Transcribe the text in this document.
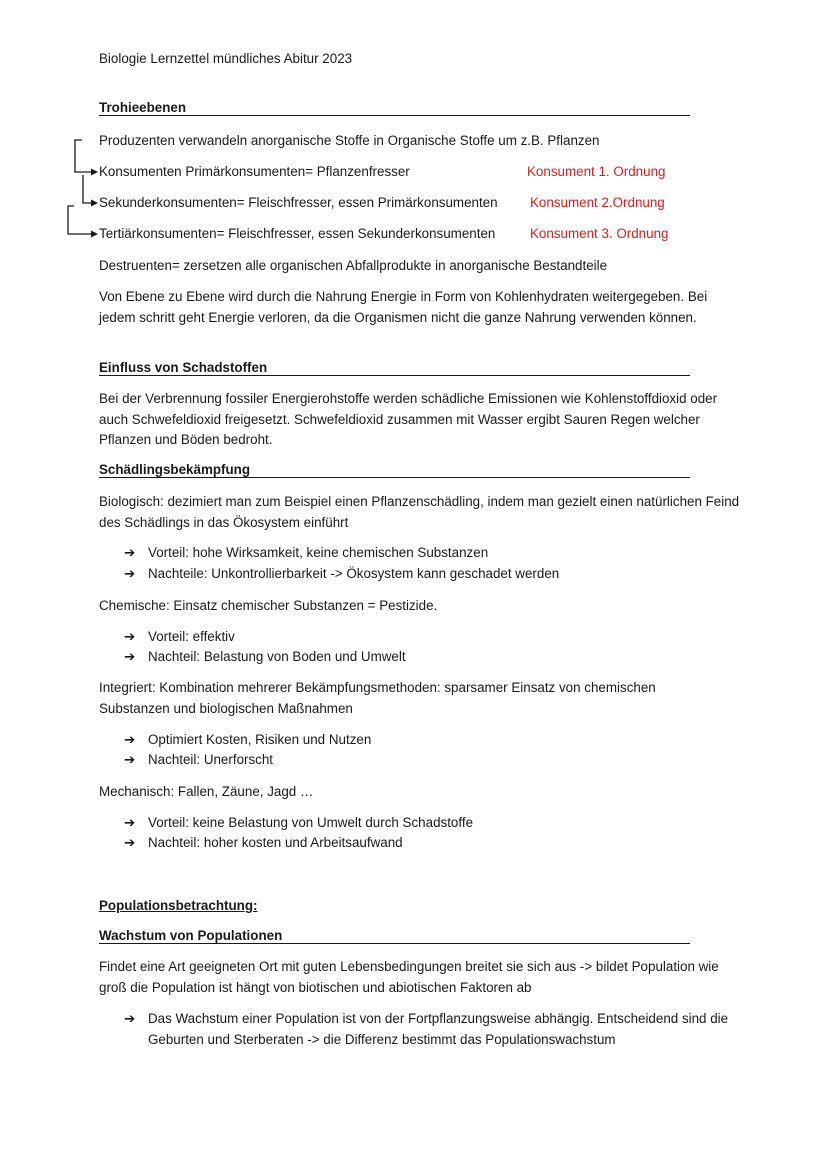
Biologie Lernzettel mündliches Abitur 2023
Trohieebenen
Produzenten verwandeln anorganische Stoffe in Organische Stoffe um z.B. Pflanzen
Konsumenten Primärkonsumenten= Pflanzenfresser	Konsument 1. Ordnung
Sekunderkonsumenten= Fleischfresser, essen Primärkonsumenten Konsument 2.Ordnung
Tertiärkonsumenten= Fleischfresser, essen Sekunderkonsumenten	Konsument 3. Ordnung
Destruenten= zersetzen alle organischen Abfallprodukte in anorganische Bestandteile
Von Ebene zu Ebene wird durch die Nahrung Energie in Form von Kohlenhydraten weitergegeben. Bei jedem schritt geht Energie verloren, da die Organismen nicht die ganze Nahrung verwenden können.
Einfluss von Schadstoffen
Bei der Verbrennung fossiler Energierohstoffe werden schädliche Emissionen wie Kohlenstoffdioxid oder auch Schwefeldioxid freigesetzt. Schwefeldioxid zusammen mit Wasser ergibt Sauren Regen welcher Pflanzen und Böden bedroht.
Schädlingsbekämpfung
Biologisch: dezimiert man zum Beispiel einen Pflanzenschädling, indem man gezielt einen natürlichen Feind des Schädlings in das Ökosystem einführt
➔ Vorteil: hohe Wirksamkeit, keine chemischen Substanzen
➔ Nachteile: Unkontrollierbarkeit -> Ökosystem kann geschadet werden
Chemische: Einsatz chemischer Substanzen = Pestizide.
➔ Vorteil: effektiv
➔ Nachteil: Belastung von Boden und Umwelt
Integriert: Kombination mehrerer Bekämpfungsmethoden: sparsamer Einsatz von chemischen Substanzen und biologischen Maßnahmen
➔ Optimiert Kosten, Risiken und Nutzen
➔ Nachteil: Unerforscht
Mechanisch: Fallen, Zäune, Jagd …
➔ Vorteil: keine Belastung von Umwelt durch Schadstoffe
➔ Nachteil: hoher kosten und Arbeitsaufwand
Populationsbetrachtung:
Wachstum von Populationen
Findet eine Art geeigneten Ort mit guten Lebensbedingungen breitet sie sich aus -> bildet Population wie groß die Population ist hängt von biotischen und abiotischen Faktoren ab
➔ Das Wachstum einer Population ist von der Fortpflanzungsweise abhängig. Entscheidend sind die Geburten und Sterberaten -> die Differenz bestimmt das Populationswachstum
